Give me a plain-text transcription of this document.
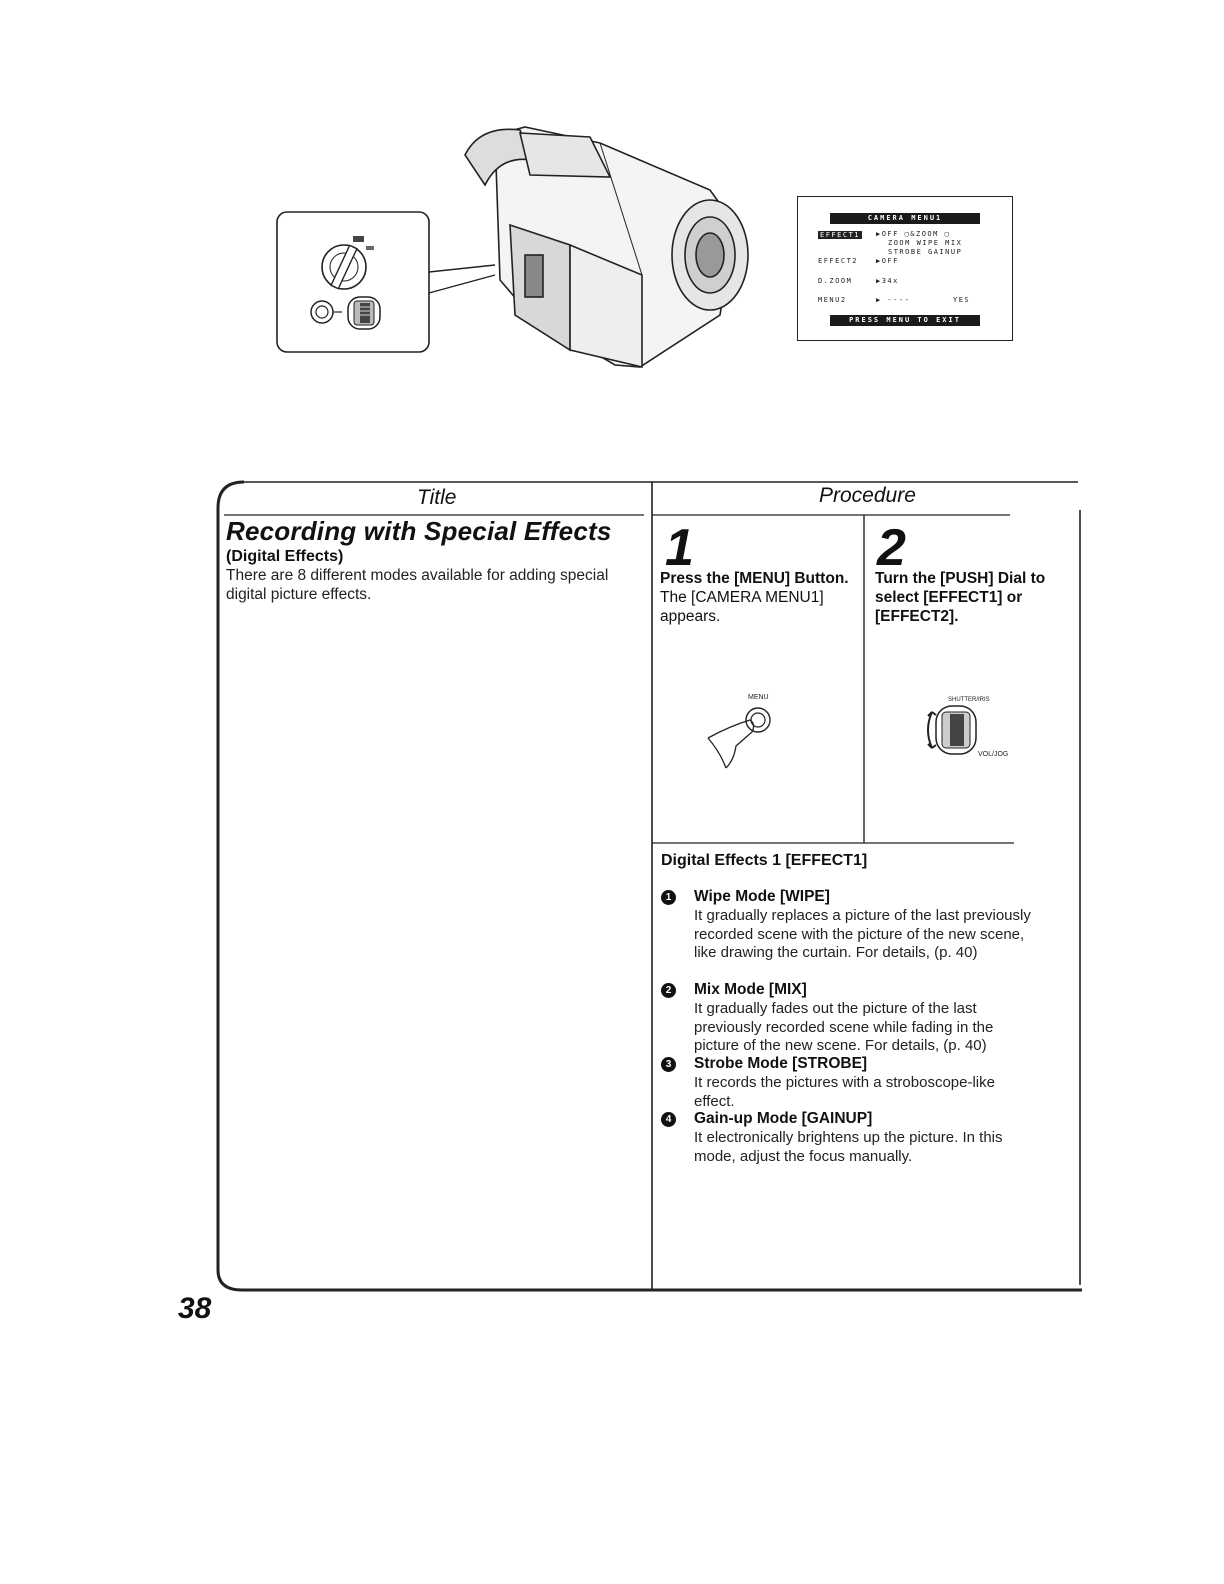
CAMERA MENU1
EFFECT1 ▶OFF ▢&ZOOM ▢
ZOOM WIPE MIX
STROBE GAINUP
EFFECT2	▶OFF
D.ZOOM	▶34x
MENU2	▶ ----	YES
PRESS MENU TO EXIT
Title	Procedure
Recording with Special Effects
(Digital Effects)
There are 8 different modes available for adding special digital picture effects.
1
Press the [MENU] Button.
The [CAMERA MENU1] appears.
MENU
2
Turn the [PUSH] Dial to select [EFFECT1] or [EFFECT2].
SHUTTER/IRIS
VOL/JOG
Digital Effects 1 [EFFECT1]
1	Wipe Mode [WIPE]
It gradually replaces a picture of the last previously recorded scene with the picture of the new scene, like drawing the curtain. For details, (p. 40)
2	Mix Mode [MIX]
It gradually fades out the picture of the last previously recorded scene while fading in the picture of the new scene. For details, (p. 40)
3	Strobe Mode [STROBE]
It records the pictures with a stroboscope-like effect.
4	Gain-up Mode [GAINUP]
It electronically brightens up the picture. In this mode, adjust the focus manually.
38
